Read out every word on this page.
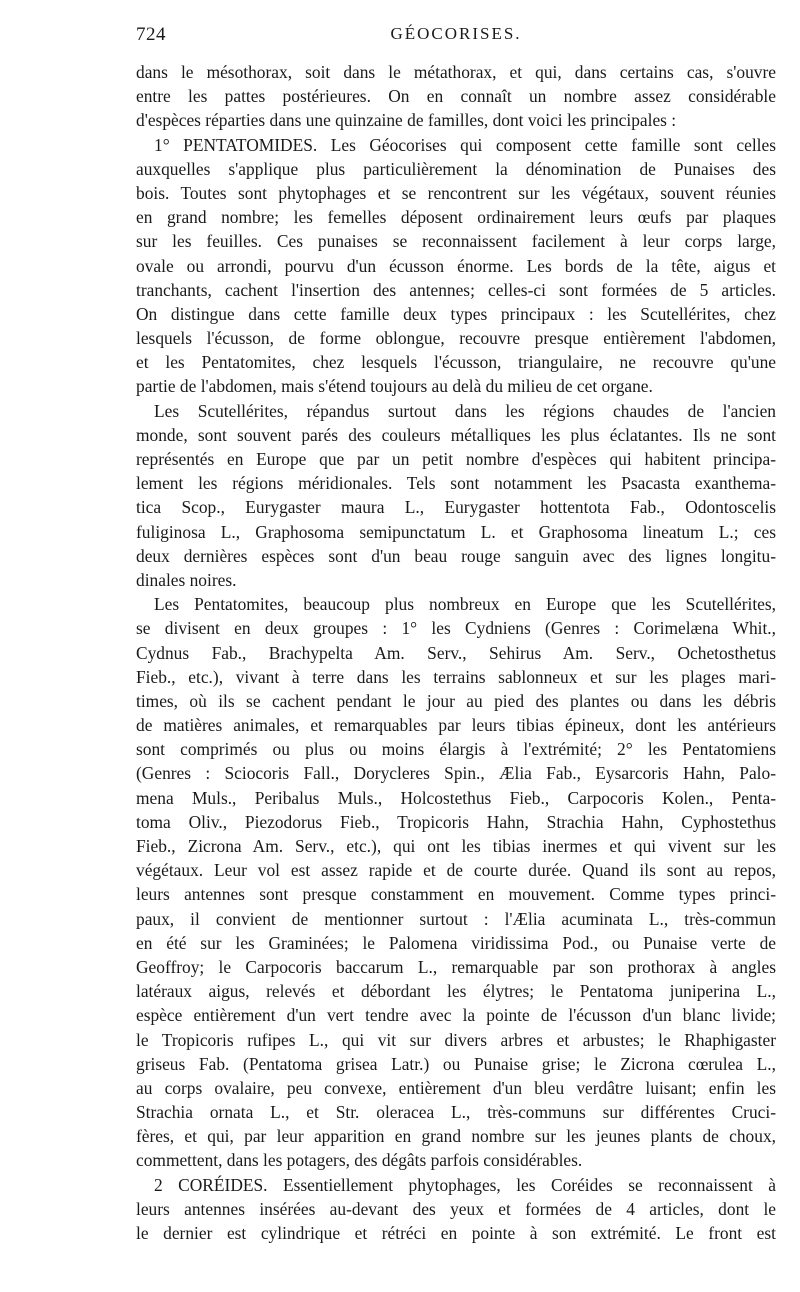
724	GÉOCORISES.
dans le mésothorax, soit dans le métathorax, et qui, dans certains cas, s'ouvre
entre les pattes postérieures. On en connaît un nombre assez considérable
d'espèces réparties dans une quinzaine de familles, dont voici les principales :
1° PENTATOMIDES. Les Géocorises qui composent cette famille sont celles
auxquelles s'applique plus particulièrement la dénomination de Punaises des
bois. Toutes sont phytophages et se rencontrent sur les végétaux, souvent réunies
en grand nombre; les femelles déposent ordinairement leurs œufs par plaques
sur les feuilles. Ces punaises se reconnaissent facilement à leur corps large,
ovale ou arrondi, pourvu d'un écusson énorme. Les bords de la tête, aigus et
tranchants, cachent l'insertion des antennes; celles-ci sont formées de 5 articles.
On distingue dans cette famille deux types principaux : les Scutellérites, chez
lesquels l'écusson, de forme oblongue, recouvre presque entièrement l'abdomen,
et les Pentatomites, chez lesquels l'écusson, triangulaire, ne recouvre qu'une
partie de l'abdomen, mais s'étend toujours au delà du milieu de cet organe.
Les Scutellérites, répandus surtout dans les régions chaudes de l'ancien
monde, sont souvent parés des couleurs métalliques les plus éclatantes. Ils ne sont
représentés en Europe que par un petit nombre d'espèces qui habitent principa-
lement les régions méridionales. Tels sont notamment les Psacasta exanthema-
tica Scop., Eurygaster maura L., Eurygaster hottentota Fab., Odontoscelis
fuliginosa L., Graphosoma semipunctatum L. et Graphosoma lineatum L.; ces
deux dernières espèces sont d'un beau rouge sanguin avec des lignes longitu-
dinales noires.
Les Pentatomites, beaucoup plus nombreux en Europe que les Scutellérites,
se divisent en deux groupes : 1° les Cydniens (Genres : Corimelæna Whit.,
Cydnus Fab., Brachypelta Am. Serv., Sehirus Am. Serv., Ochetosthetus
Fieb., etc.), vivant à terre dans les terrains sablonneux et sur les plages mari-
times, où ils se cachent pendant le jour au pied des plantes ou dans les débris
de matières animales, et remarquables par leurs tibias épineux, dont les antérieurs
sont comprimés ou plus ou moins élargis à l'extrémité; 2° les Pentatomiens
(Genres : Sciocoris Fall., Dorycleres Spin., Ælia Fab., Eysarcoris Hahn, Palo-
mena Muls., Peribalus Muls., Holcostethus Fieb., Carpocoris Kolen., Penta-
toma Oliv., Piezodorus Fieb., Tropicoris Hahn, Strachia Hahn, Cyphostethus
Fieb., Zicrona Am. Serv., etc.), qui ont les tibias inermes et qui vivent sur les
végétaux. Leur vol est assez rapide et de courte durée. Quand ils sont au repos,
leurs antennes sont presque constamment en mouvement. Comme types princi-
paux, il convient de mentionner surtout : l'Ælia acuminata L., très-commun
en été sur les Graminées; le Palomena viridissima Pod., ou Punaise verte de
Geoffroy; le Carpocoris baccarum L., remarquable par son prothorax à angles
latéraux aigus, relevés et débordant les élytres; le Pentatoma juniperina L.,
espèce entièrement d'un vert tendre avec la pointe de l'écusson d'un blanc livide;
le Tropicoris rufipes L., qui vit sur divers arbres et arbustes; le Rhaphigaster
griseus Fab. (Pentatoma grisea Latr.) ou Punaise grise; le Zicrona cœrulea L.,
au corps ovalaire, peu convexe, entièrement d'un bleu verdâtre luisant; enfin les
Strachia ornata L., et Str. oleracea L., très-communs sur différentes Cruci-
fères, et qui, par leur apparition en grand nombre sur les jeunes plants de choux,
commettent, dans les potagers, des dégâts parfois considérables.
2 CORÉIDES. Essentiellement phytophages, les Coréides se reconnaissent à
leurs antennes insérées au-devant des yeux et formées de 4 articles, dont le
le dernier est cylindrique et rétréci en pointe à son extrémité. Le front est
